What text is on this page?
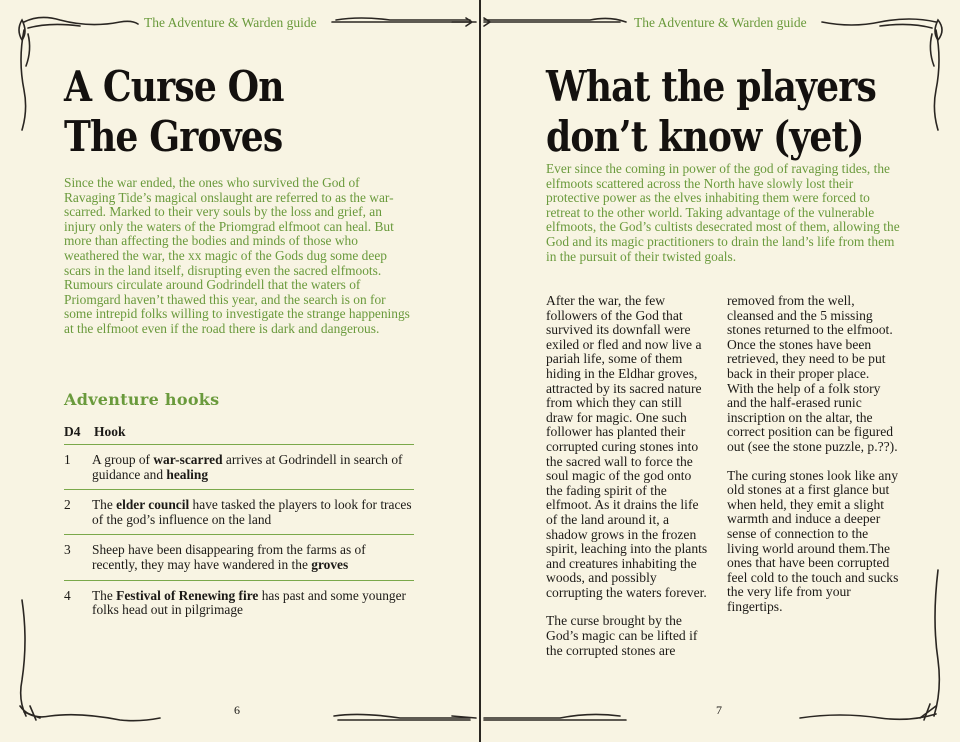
The Adventure & Warden guide
A Curse On
The Groves

Since the war ended, the ones who survived the God of Ravaging Tide’s magical onslaught are referred to as the war-scarred. Marked to their very souls by the loss and grief, an injury only the waters of the Priomgrad elfmoot can heal. But more than affecting the bodies and minds of those who weathered the war, the xx magic of the Gods dug some deep scars in the land itself, disrupting even the sacred elfmoots. Rumours circulate around Godrindell that the waters of Priomgard haven’t thawed this year, and the search is on for some intrepid folks willing to investigate the strange happenings at the elfmoot even if the road there is dark and dangerous.

Adventure hooks
D4	Hook
1	A group of war-scarred arrives at Godrindell in search of guidance and healing
2	The elder council have tasked the players to look for traces of the god’s influence on the land
3	Sheep have been disappearing from the farms as of recently, they may have wandered in the groves
4	The Festival of Renewing fire has past and some younger folks head out in pilgrimage
6
The Adventure & Warden guide
What the players
don’t know (yet)

Ever since the coming in power of the god of ravaging tides, the elfmoots scattered across the North have slowly lost their protective power as the elves inhabiting them were forced to retreat to the other world. Taking advantage of the vulnerable elfmoots, the God’s cultists desecrated most of them, allowing the God and its magic practitioners to drain the land’s life from them in the pursuit of their twisted goals.

After the war, the few followers of the God that survived its downfall were exiled or fled and now live a pariah life, some of them hiding in the Eldhar groves, attracted by its sacred nature from which they can still draw for magic. One such follower has planted their corrupted curing stones into the sacred wall to force the soul magic of the god onto the fading spirit of the elfmoot. As it drains the life of the land around it, a shadow grows in the frozen spirit, leaching into the plants and creatures inhabiting the woods, and possibly corrupting the waters forever.

The curse brought by the God’s magic can be lifted if the corrupted stones are

removed from the well, cleansed and the 5 missing stones returned to the elfmoot. Once the stones have been retrieved, they need to be put back in their proper place. With the help of a folk story and the half-erased runic inscription on the altar, the correct position can be figured out (see the stone puzzle, p.??).

The curing stones look like any old stones at a first glance but when held, they emit a slight warmth and induce a deeper sense of connection to the living world around them.The ones that have been corrupted feel cold to the touch and sucks the very life from your fingertips.

7
